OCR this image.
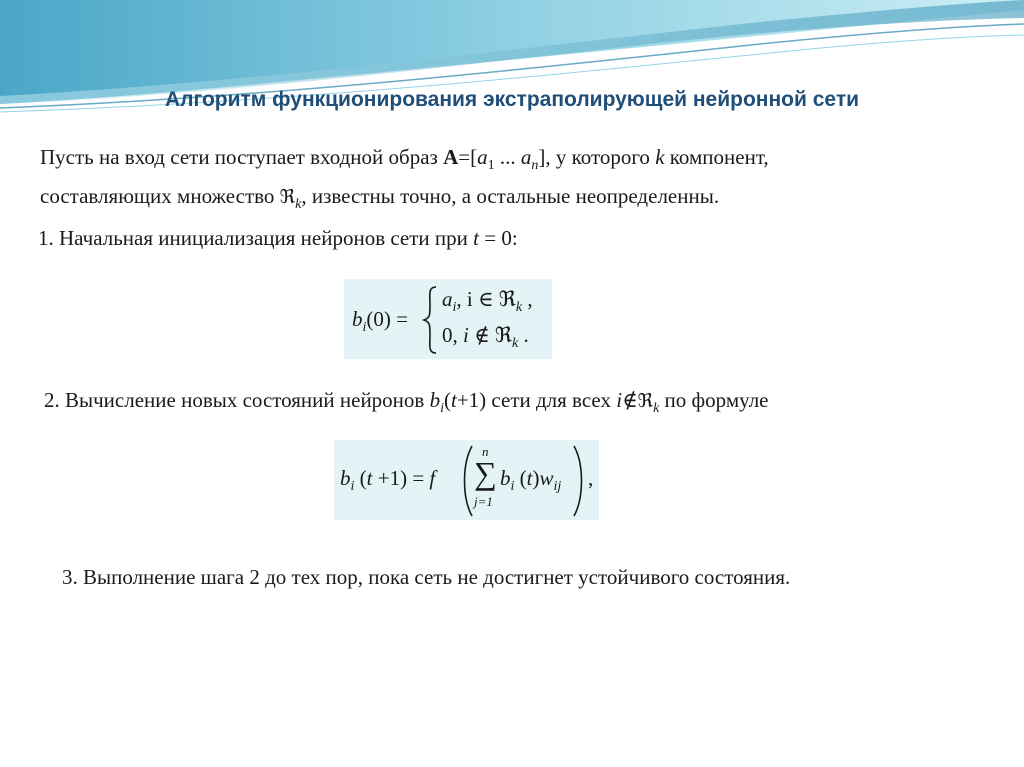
Алгоритм функционирования экстраполирующей нейронной сети
Пусть на вход сети поступает входной образ $A=[a_1$ ... $a_n$], у которого k компонент,
составляющих множество ℜ$_k$, известны точно, а остальные неопределенны.
1. Начальная инициализация нейронов сети при t = 0:
$b_i(0)$ =
$a_i$, i ∈ ℜ$_k$ ,
0, i ∉ ℜ$_k$ .
2. Вычисление новых состояний нейронов $b_i(t+1)$ сети для всех i∉ℜ$_k$ по формуле
$b_i$ (t +1) = f
n
∑
j=1
$b_i$ $(t)w_{ij}$ ,
3. Выполнение шага 2 до тех пор, пока сеть не достигнет устойчивого состояния.
